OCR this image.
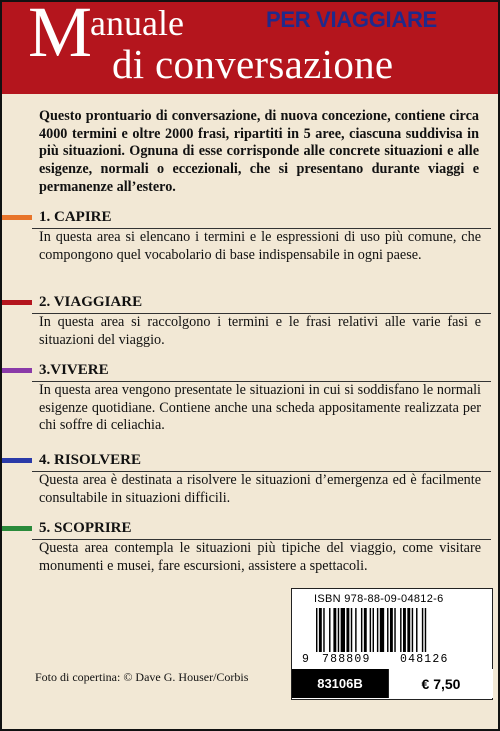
M
anuale	PER VIAGGIARE
di conversazione

Questo prontuario di conversazione, di nuova concezione, contiene circa 4000 termini e oltre 2000 frasi, ripartiti in 5 aree, ciascuna suddivisa in più situazioni. Ognuna di esse corrisponde alle concrete situazioni e alle esigenze, normali o eccezionali, che si presentano durante viaggi e permanenze all’estero.

1. CAPIRE

In questa area si elencano i termini e le espressioni di uso più comune, che compongono quel vocabolario di base indispensabile in ogni paese.

2. VIAGGIARE

In questa area si raccolgono i termini e le frasi relativi alle varie fasi e situazioni del viaggio.

3.VIVERE

In questa area vengono presentate le situazioni in cui si soddisfano le normali esigenze quotidiane. Contiene anche una scheda appositamente realizzata per chi soffre di celiachia.

4. RISOLVERE

Questa area è destinata a risolvere le situazioni d’emergenza ed è facilmente consultabile in situazioni difficili.

5. SCOPRIRE

Questa area contempla le situazioni più tipiche del viaggio, come visitare monumenti e musei, fare escursioni, assistere a spettacoli.

ISBN 978-88-09-04812-6
9	788809	048126
83106B	€ 7,50
Foto di copertina: © Dave G. Houser/Corbis
